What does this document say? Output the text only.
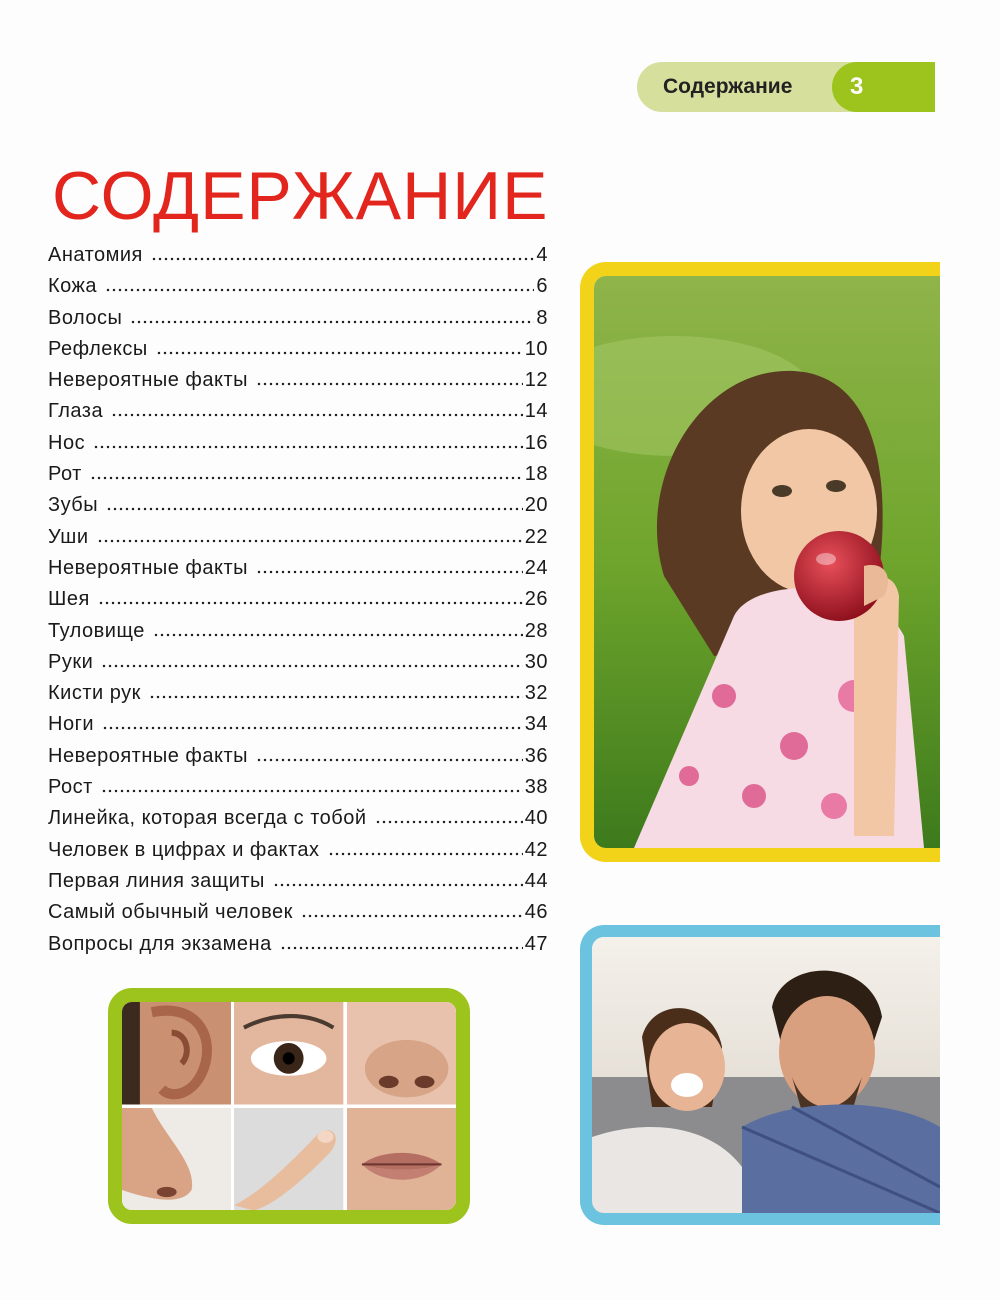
Содержание	3
СОДЕРЖАНИЕ
Анатомия	4
Кожа	6
Волосы	8
Рефлексы	10
Невероятные факты	12
Глаза	14
Нос	16
Рот	18
Зубы	20
Уши	22
Невероятные факты	24
Шея	26
Туловище	28
Руки	30
Кисти рук	32
Ноги	34
Невероятные факты	36
Рост	38
Линейка, которая всегда с тобой	40
Человек в цифрах и фактах	42
Первая линия защиты	44
Самый обычный человек	46
Вопросы для экзамена	47
